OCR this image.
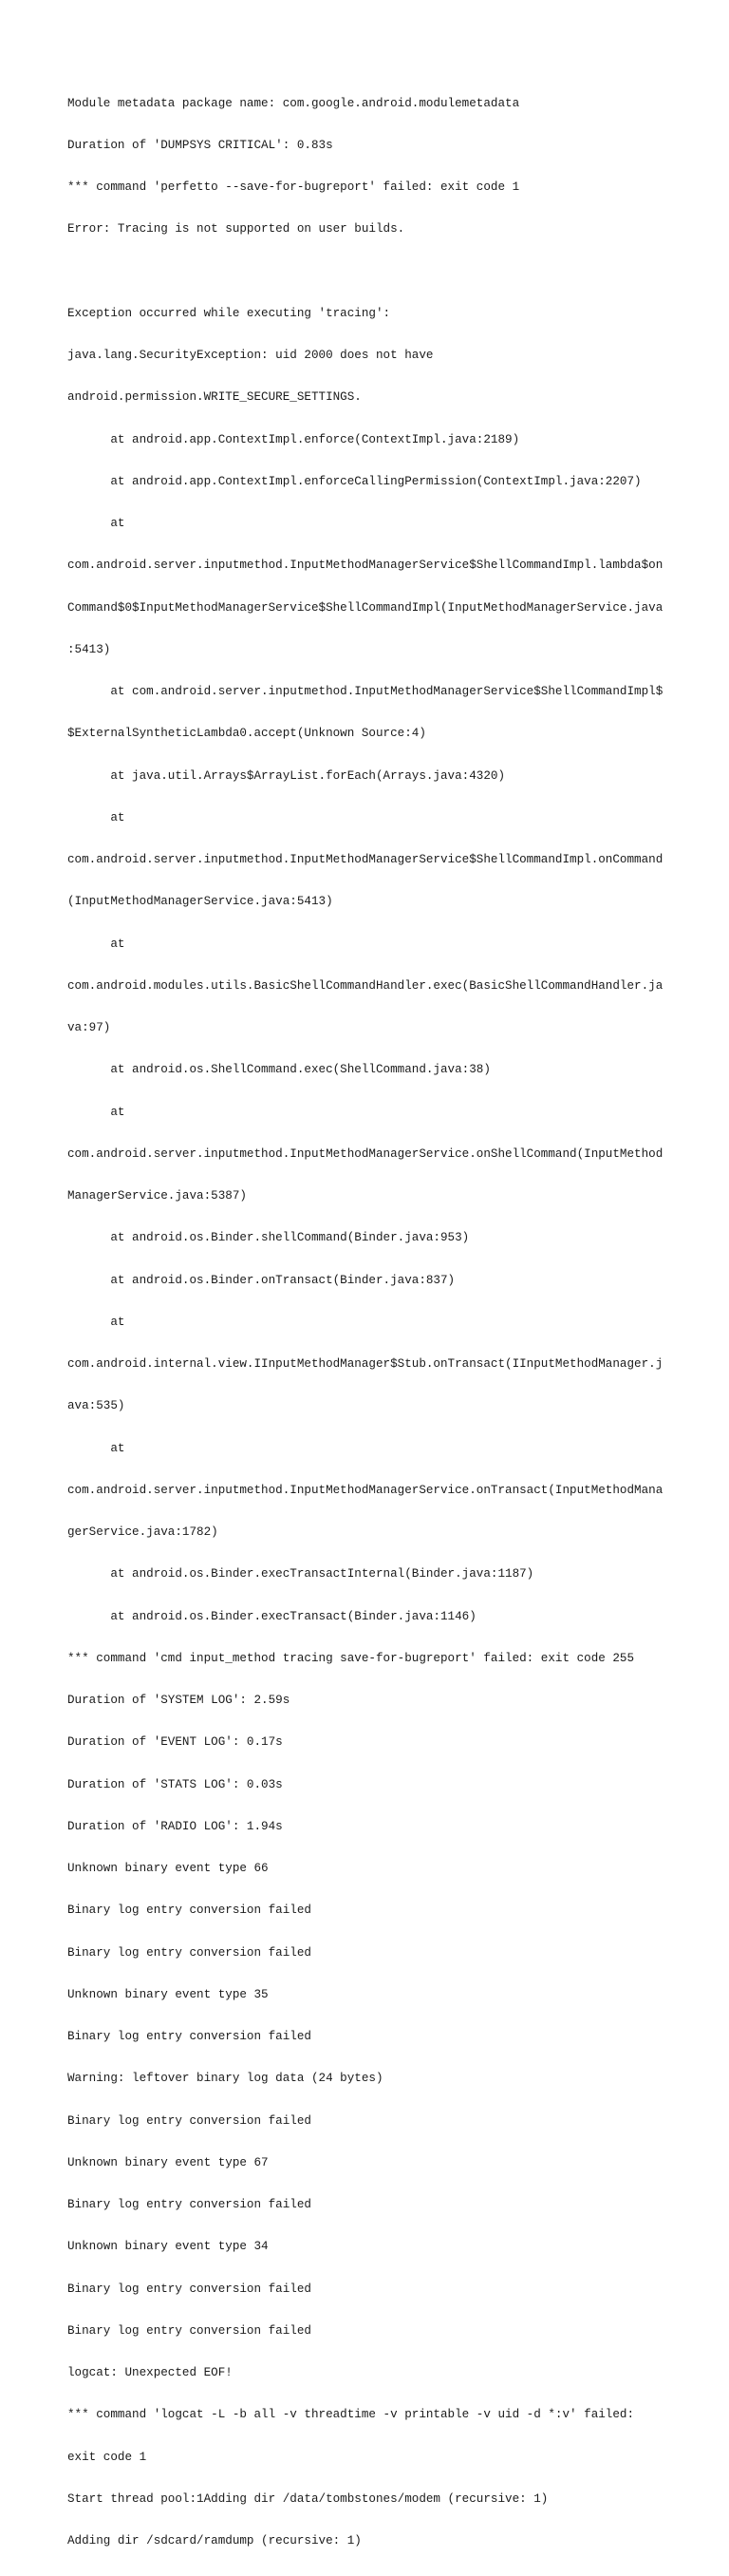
Module metadata package name: com.google.android.modulemetadata

Duration of 'DUMPSYS CRITICAL': 0.83s

*** command 'perfetto --save-for-bugreport' failed: exit code 1

Error: Tracing is not supported on user builds.

Exception occurred while executing 'tracing':

java.lang.SecurityException: uid 2000 does not have

android.permission.WRITE_SECURE_SETTINGS.

at android.app.ContextImpl.enforce(ContextImpl.java:2189)

at android.app.ContextImpl.enforceCallingPermission(ContextImpl.java:2207)

at

com.android.server.inputmethod.InputMethodManagerService$ShellCommandImpl.lambda$on

Command$0$InputMethodManagerService$ShellCommandImpl(InputMethodManagerService.java

:5413)

at com.android.server.inputmethod.InputMethodManagerService$ShellCommandImpl$

$ExternalSyntheticLambda0.accept(Unknown Source:4)

at java.util.Arrays$ArrayList.forEach(Arrays.java:4320)

at

com.android.server.inputmethod.InputMethodManagerService$ShellCommandImpl.onCommand

(InputMethodManagerService.java:5413)

at

com.android.modules.utils.BasicShellCommandHandler.exec(BasicShellCommandHandler.ja

va:97)

at android.os.ShellCommand.exec(ShellCommand.java:38)

at

com.android.server.inputmethod.InputMethodManagerService.onShellCommand(InputMethod

ManagerService.java:5387)

at android.os.Binder.shellCommand(Binder.java:953)

at android.os.Binder.onTransact(Binder.java:837)

at

com.android.internal.view.IInputMethodManager$Stub.onTransact(IInputMethodManager.j

ava:535)

at

com.android.server.inputmethod.InputMethodManagerService.onTransact(InputMethodMana

gerService.java:1782)

at android.os.Binder.execTransactInternal(Binder.java:1187)

at android.os.Binder.execTransact(Binder.java:1146)

*** command 'cmd input_method tracing save-for-bugreport' failed: exit code 255

Duration of 'SYSTEM LOG': 2.59s

Duration of 'EVENT LOG': 0.17s

Duration of 'STATS LOG': 0.03s

Duration of 'RADIO LOG': 1.94s

Unknown binary event type 66

Binary log entry conversion failed

Binary log entry conversion failed

Unknown binary event type 35

Binary log entry conversion failed

Warning: leftover binary log data (24 bytes)

Binary log entry conversion failed

Unknown binary event type 67

Binary log entry conversion failed

Unknown binary event type 34

Binary log entry conversion failed

Binary log entry conversion failed

logcat: Unexpected EOF!

*** command 'logcat -L -b all -v threadtime -v printable -v uid -d *:v' failed:

exit code 1

Start thread pool:1Adding dir /data/tombstones/modem (recursive: 1)

Adding dir /sdcard/ramdump (recursive: 1)
